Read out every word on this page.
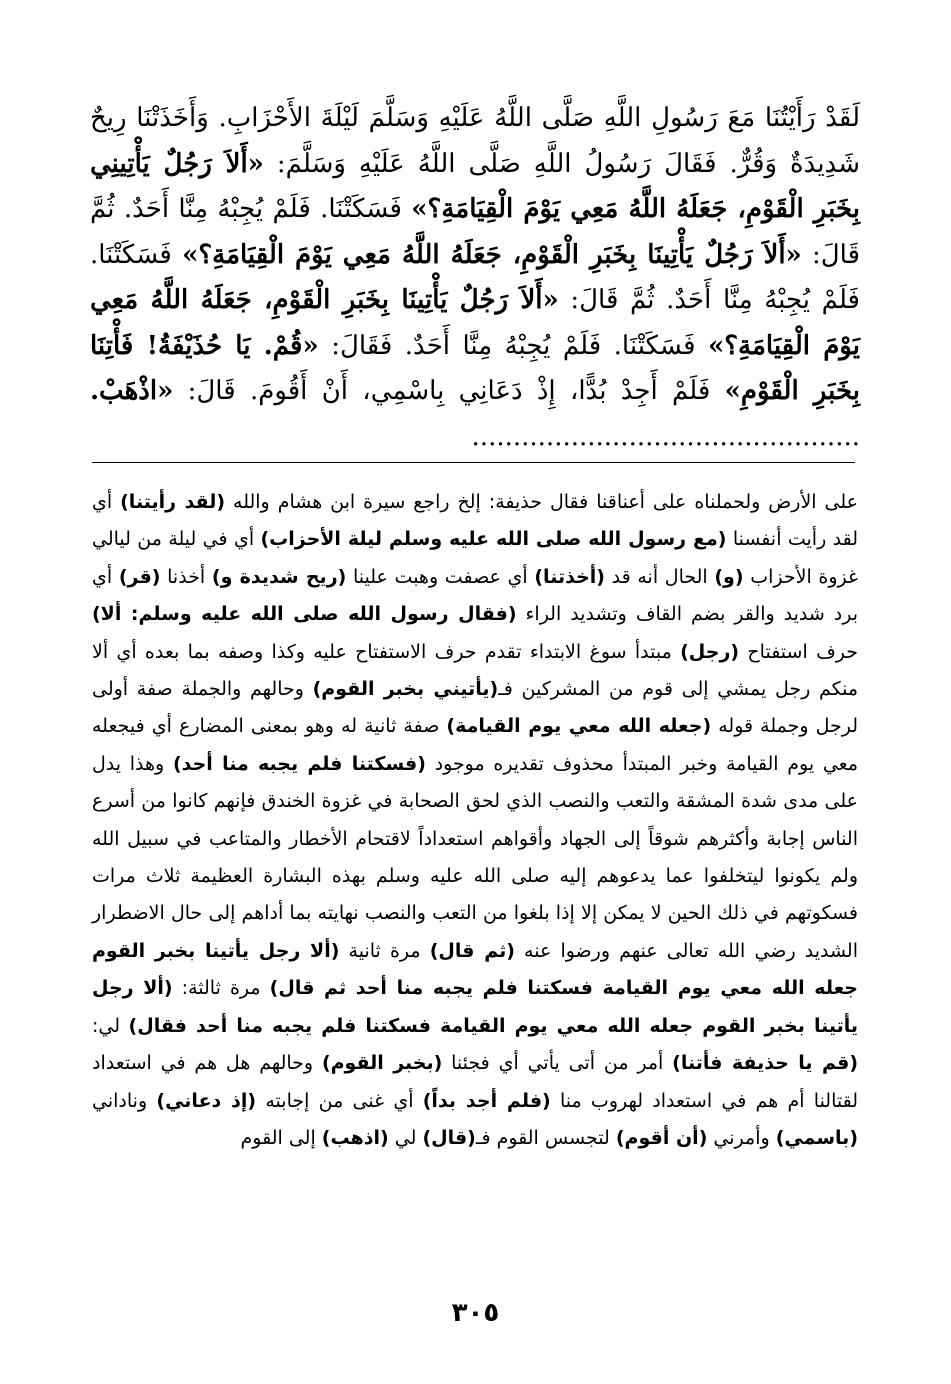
لَقَدْ رَأَيْتُنَا مَعَ رَسُولِ اللَّهِ صَلَّى اللَّهُ عَلَيْهِ وَسَلَّمَ لَيْلَةَ الأَحْزَابِ. وَأَخَذَتْنَا رِيحٌ شَدِيدَةٌ وَقُرٌّ. فَقَالَ رَسُولُ اللَّهِ صَلَّى اللَّهُ عَلَيْهِ وَسَلَّمَ: «أَلاَ رَجُلٌ يَأْتِينِي بِخَبَرِ الْقَوْمِ، جَعَلَهُ اللَّهُ مَعِي يَوْمَ الْقِيَامَةِ؟» فَسَكَتْنَا. فَلَمْ يُجِبْهُ مِنَّا أَحَدٌ. ثُمَّ قَالَ: «أَلاَ رَجُلٌ يَأْتِينَا بِخَبَرِ الْقَوْمِ، جَعَلَهُ اللَّهُ مَعِي يَوْمَ الْقِيَامَةِ؟» فَسَكَتْنَا. فَلَمْ يُجِبْهُ مِنَّا أَحَدٌ. ثُمَّ قَالَ: «أَلاَ رَجُلٌ يَأْتِينَا بِخَبَرِ الْقَوْمِ، جَعَلَهُ اللَّهُ مَعِي يَوْمَ الْقِيَامَةِ؟» فَسَكَتْنَا. فَلَمْ يُجِبْهُ مِنَّا أَحَدٌ. فَقَالَ: «قُمْ. يَا حُذَيْفَةُ! فَأْتِنَا بِخَبَرِ الْقَوْمِ» فَلَمْ أَجِدْ بُدًّا، إِذْ دَعَانِي بِاسْمِي، أَنْ أَقُومَ. قَالَ: «اذْهَبْ. ...............................................
على الأرض ولحملناه على أعناقنا فقال حذيفة: إلخ راجع سيرة ابن هشام والله (لقد رأيتنا) أي لقد رأيت أنفسنا (مع رسول الله صلى الله عليه وسلم ليلة الأحزاب) أي في ليلة من ليالي غزوة الأحزاب (و) الحال أنه قد (أخذتنا) أي عصفت وهبت علينا (ريح شديدة و) أخذنا (قر) أي برد شديد والقر بضم القاف وتشديد الراء (فقال رسول الله صلى الله عليه وسلم: ألا) حرف استفتاح (رجل) مبتدأ سوغ الابتداء تقدم حرف الاستفتاح عليه وكذا وصفه بما بعده أي ألا منكم رجل يمشي إلى قوم من المشركين فـ(يأتيني بخبر القوم) وحالهم والجملة صفة أولى لرجل وجملة قوله (جعله الله معي يوم القيامة) صفة ثانية له وهو بمعنى المضارع أي فيجعله معي يوم القيامة وخبر المبتدأ محذوف تقديره موجود (فسكتنا فلم يجبه منا أحد) وهذا يدل على مدى شدة المشقة والتعب والنصب الذي لحق الصحابة في غزوة الخندق فإنهم كانوا من أسرع الناس إجابة وأكثرهم شوقاً إلى الجهاد وأقواهم استعداداً لاقتحام الأخطار والمتاعب في سبيل الله ولم يكونوا ليتخلفوا عما يدعوهم إليه صلى الله عليه وسلم بهذه البشارة العظيمة ثلاث مرات فسكوتهم في ذلك الحين لا يمكن إلا إذا بلغوا من التعب والنصب نهايته بما أداهم إلى حال الاضطرار الشديد رضي الله تعالى عنهم ورضوا عنه (ثم قال) مرة ثانية (ألا رجل يأتينا بخبر القوم جعله الله معي يوم القيامة فسكتنا فلم يجبه منا أحد ثم قال) مرة ثالثة: (ألا رجل يأتينا بخبر القوم جعله الله معي يوم القيامة فسكتنا فلم يجبه منا أحد فقال) لي: (قم يا حذيفة فأتنا) أمر من أتى يأتي أي فجئنا (بخبر القوم) وحالهم هل هم في استعداد لقتالنا أم هم في استعداد لهروب منا (فلم أجد بداً) أي غنى من إجابته (إذ دعاني) وناداني (باسمي) وأمرني (أن أقوم) لتجسس القوم فـ(قال) لي (اذهب) إلى القوم
٣٠٥
